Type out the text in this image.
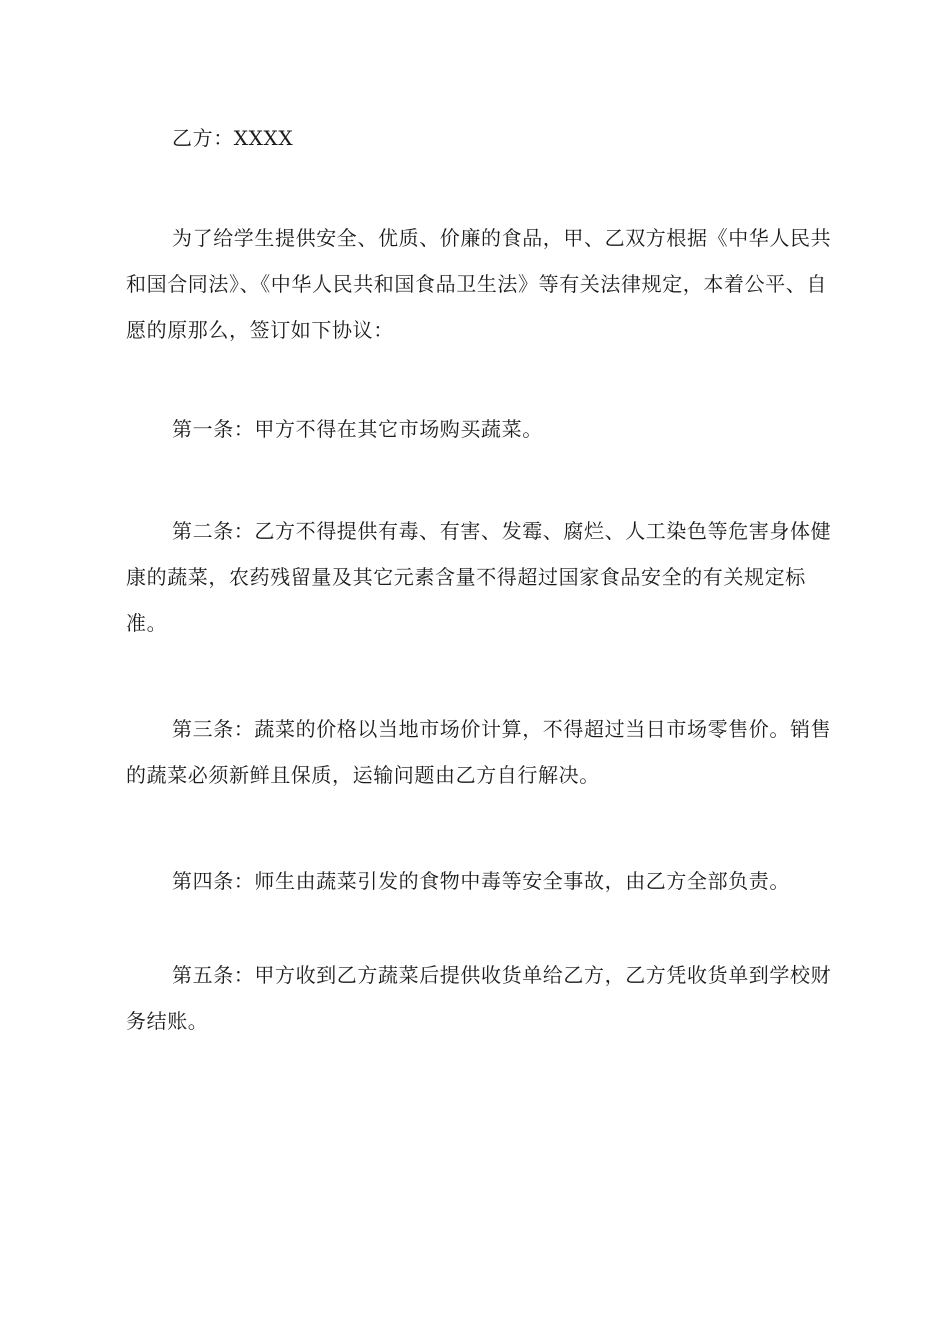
乙方：XXXX

为了给学生提供安全、优质、价廉的食品，甲、乙双方根据《中华人民共和国合同法》、《中华人民共和国食品卫生法》等有关法律规定，本着公平、自愿的原那么，签订如下协议：

第一条：甲方不得在其它市场购买蔬菜。

第二条：乙方不得提供有毒、有害、发霉、腐烂、人工染色等危害身体健康的蔬菜，农药残留量及其它元素含量不得超过国家食品安全的有关规定标准。

第三条：蔬菜的价格以当地市场价计算，不得超过当日市场零售价。销售的蔬菜必须新鲜且保质，运输问题由乙方自行解决。

第四条：师生由蔬菜引发的食物中毒等安全事故，由乙方全部负责。

第五条：甲方收到乙方蔬菜后提供收货单给乙方，乙方凭收货单到学校财务结账。
